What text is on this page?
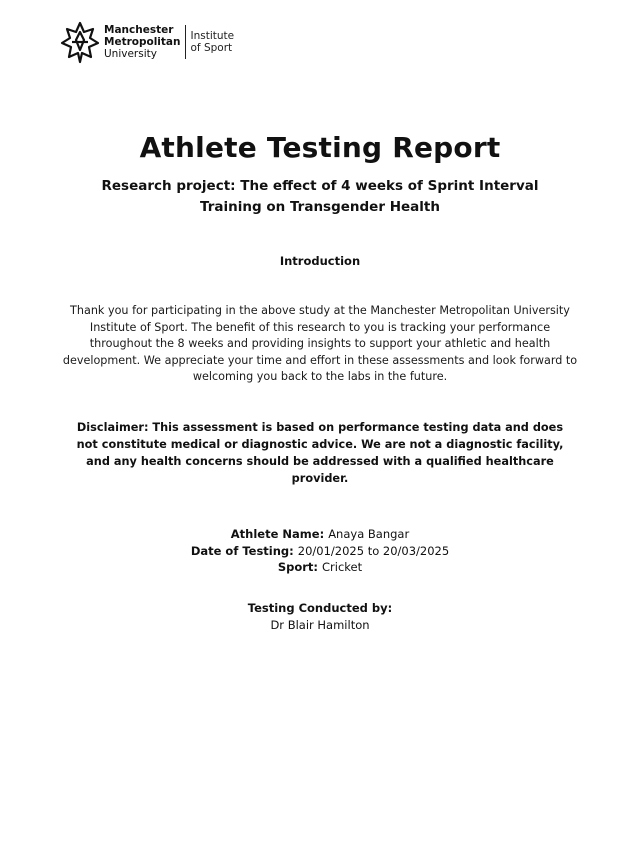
Manchester
Metropolitan
University
Institute
of Sport
Athlete Testing Report
Research project: The effect of 4 weeks of Sprint Interval Training on Transgender Health
Introduction
Thank you for participating in the above study at the Manchester Metropolitan University Institute of Sport. The benefit of this research to you is tracking your performance throughout the 8 weeks and providing insights to support your athletic and health development. We appreciate your time and effort in these assessments and look forward to welcoming you back to the labs in the future.
Disclaimer: This assessment is based on performance testing data and does not constitute medical or diagnostic advice. We are not a diagnostic facility, and any health concerns should be addressed with a qualified healthcare provider.
Athlete Name: Anaya Bangar
Date of Testing: 20/01/2025 to 20/03/2025
Sport: Cricket
Testing Conducted by:
Dr Blair Hamilton
